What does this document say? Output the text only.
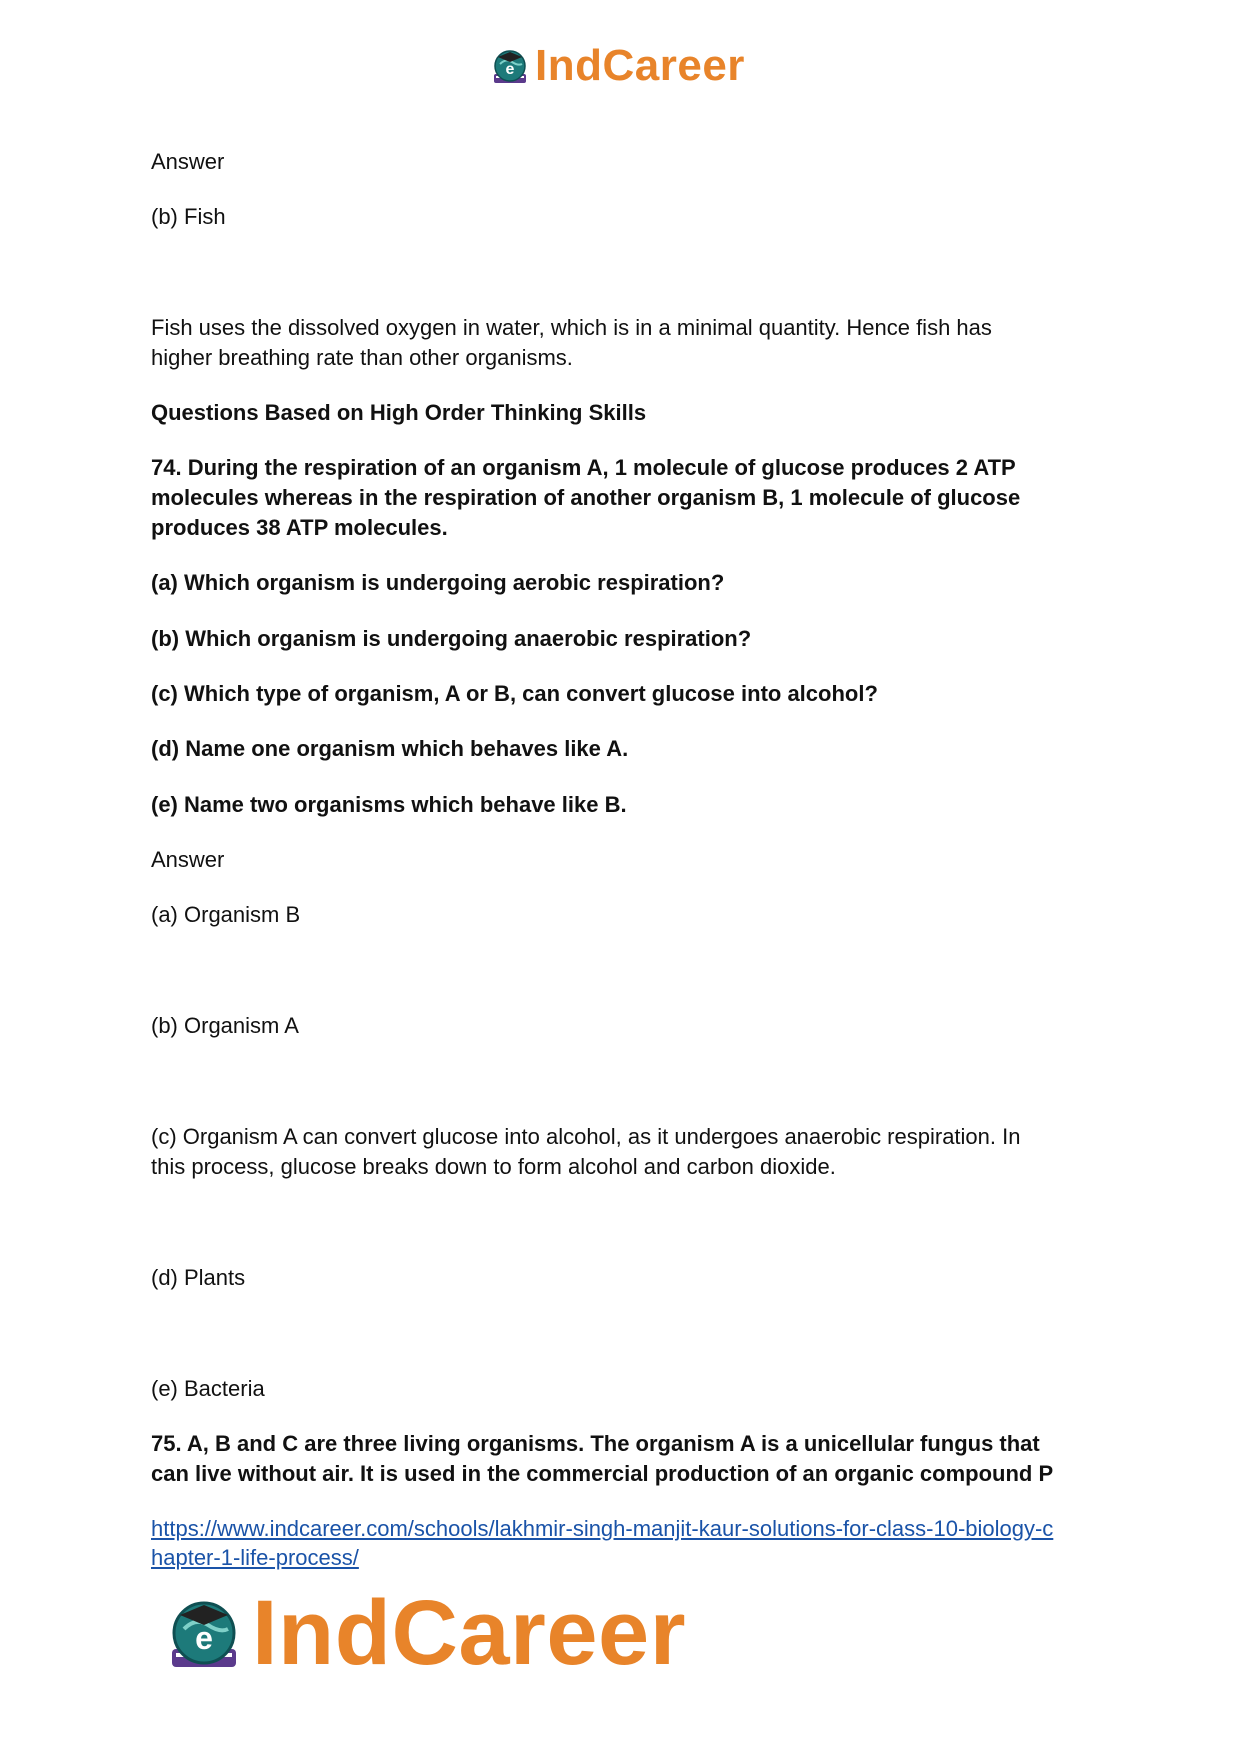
e IndCareer
Answer
(b) Fish
Fish uses the dissolved oxygen in water, which is in a minimal quantity. Hence fish has
higher breathing rate than other organisms.
Questions Based on High Order Thinking Skills
74. During the respiration of an organism A, 1 molecule of glucose produces 2 ATP
molecules whereas in the respiration of another organism B, 1 molecule of glucose
produces 38 ATP molecules.
(a) Which organism is undergoing aerobic respiration?
(b) Which organism is undergoing anaerobic respiration?
(c) Which type of organism, A or B, can convert glucose into alcohol?
(d) Name one organism which behaves like A.
(e) Name two organisms which behave like B.
Answer
(a) Organism B
(b) Organism A
(c) Organism A can convert glucose into alcohol, as it undergoes anaerobic respiration. In
this process, glucose breaks down to form alcohol and carbon dioxide.
(d) Plants
(e) Bacteria
75. A, B and C are three living organisms. The organism A is a unicellular fungus that
can live without air. It is used in the commercial production of an organic compound P
https://www.indcareer.com/schools/lakhmir-singh-manjit-kaur-solutions-for-class-10-biology-c
hapter-1-life-process/
e IndCareer
